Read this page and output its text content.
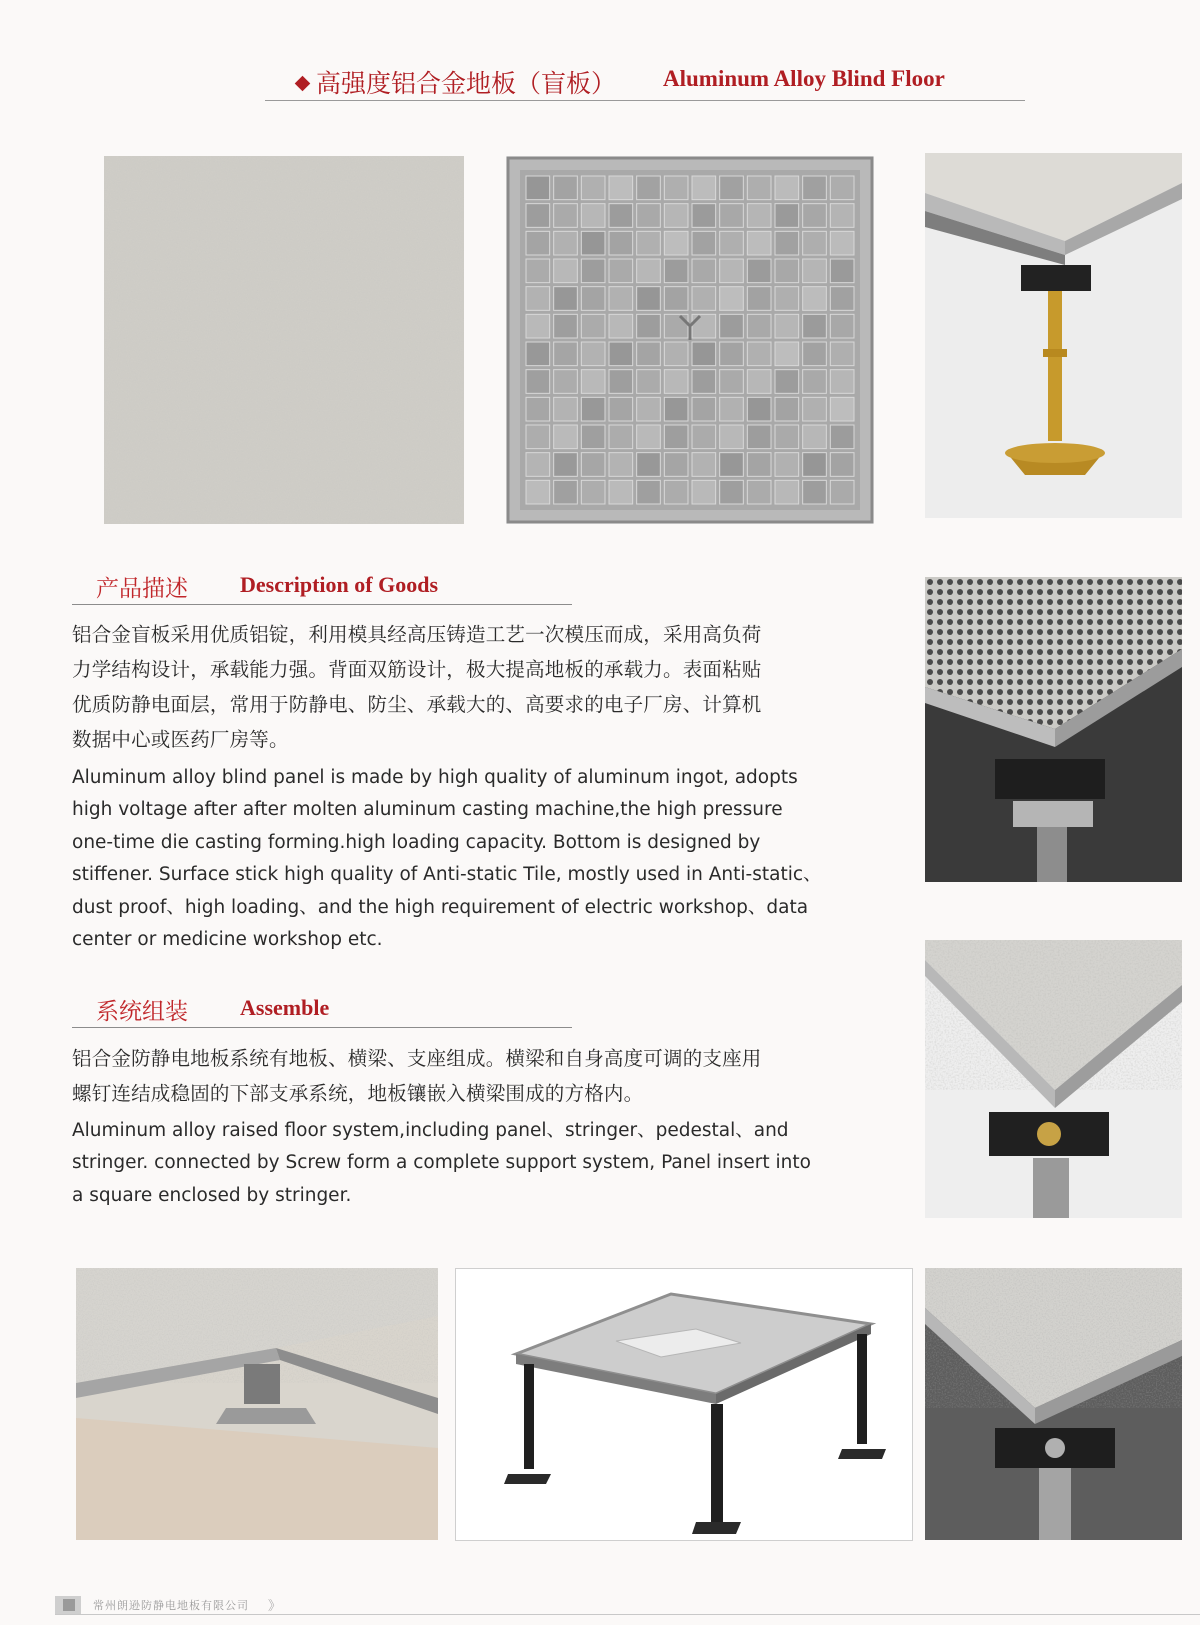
高强度铝合金地板（盲板） Aluminum Alloy Blind Floor
产品描述 Description of Goods
铝合金盲板采用优质铝锭，利用模具经高压铸造工艺一次模压而成，采用高负荷
力学结构设计，承载能力强。背面双筋设计，极大提高地板的承载力。表面粘贴
优质防静电面层，常用于防静电、防尘、承载大的、高要求的电子厂房、计算机
数据中心或医药厂房等。
Aluminum alloy blind panel is made by high quality of aluminum ingot, adopts
high voltage after after molten aluminum casting machine,the high pressure
one-time die casting forming.high loading capacity. Bottom is designed by
stiffener. Surface stick high quality of Anti-static Tile, mostly used in Anti-static、
dust proof、high loading、and the high requirement of electric workshop、data
center or medicine workshop etc.
系统组装 Assemble
铝合金防静电地板系统有地板、横梁、支座组成。横梁和自身高度可调的支座用
螺钉连结成稳固的下部支承系统，地板镶嵌入横梁围成的方格内。
Aluminum alloy raised floor system,including panel、stringer、pedestal、and
stringer. connected by Screw form a complete support system, Panel insert into
a square enclosed by stringer.
常州朗逊防静电地板有限公司 》
